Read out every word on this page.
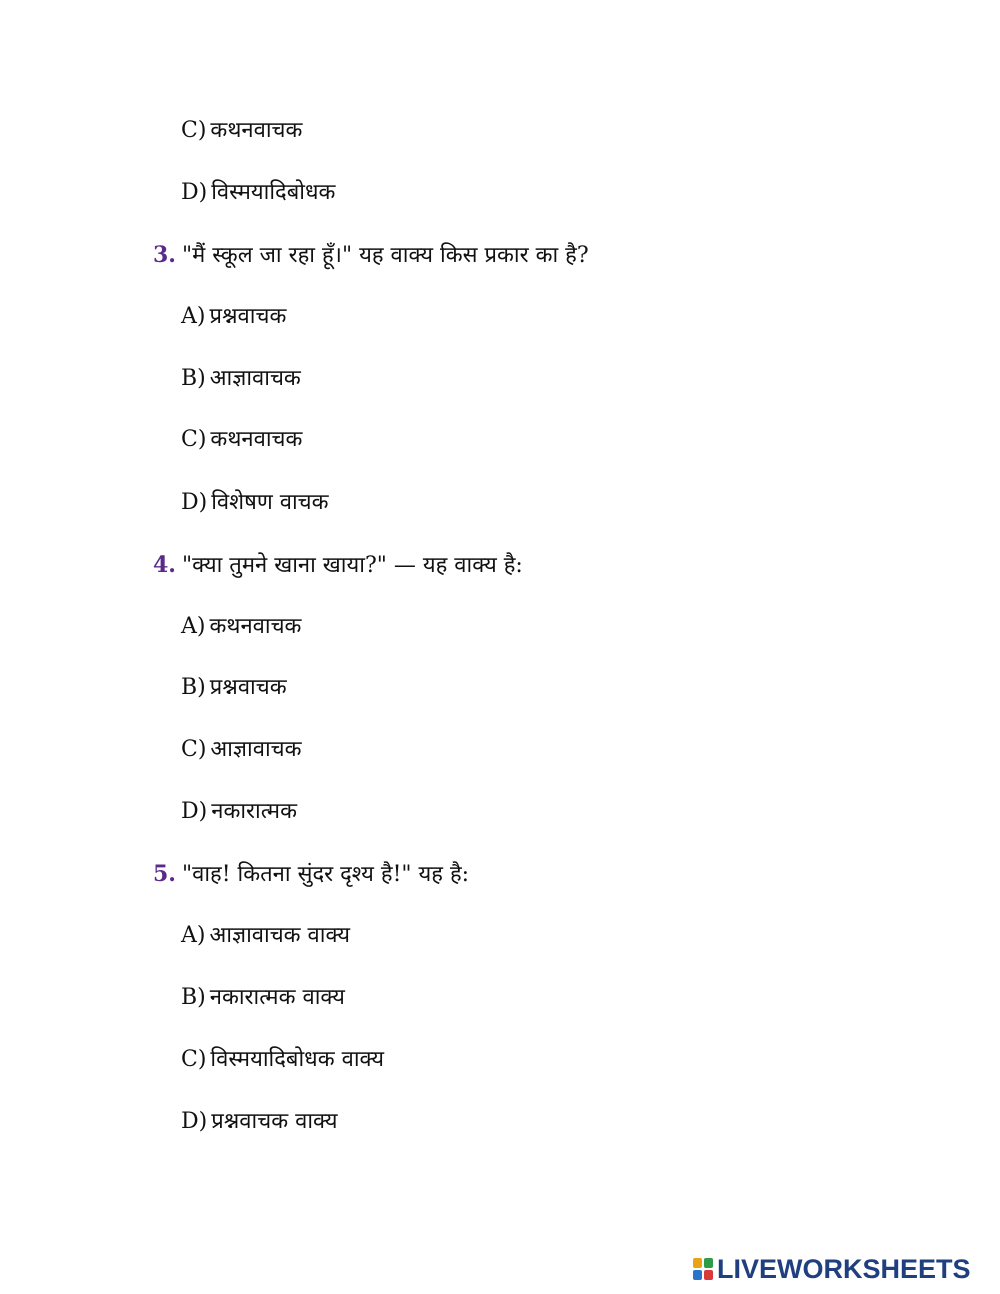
C) कथनवाचक
D) विस्मयादिबोधक
3. "मैं स्कूल जा रहा हूँ।" यह वाक्य किस प्रकार का है?
A) प्रश्नवाचक
B) आज्ञावाचक
C) कथनवाचक
D) विशेषण वाचक
4. "क्या तुमने खाना खाया?" — यह वाक्य है:
A) कथनवाचक
B) प्रश्नवाचक
C) आज्ञावाचक
D) नकारात्मक
5. "वाह! कितना सुंदर दृश्य है!" यह है:
A) आज्ञावाचक वाक्य
B) नकारात्मक वाक्य
C) विस्मयादिबोधक वाक्य
D) प्रश्नवाचक वाक्य
LIVEWORKSHEETS
